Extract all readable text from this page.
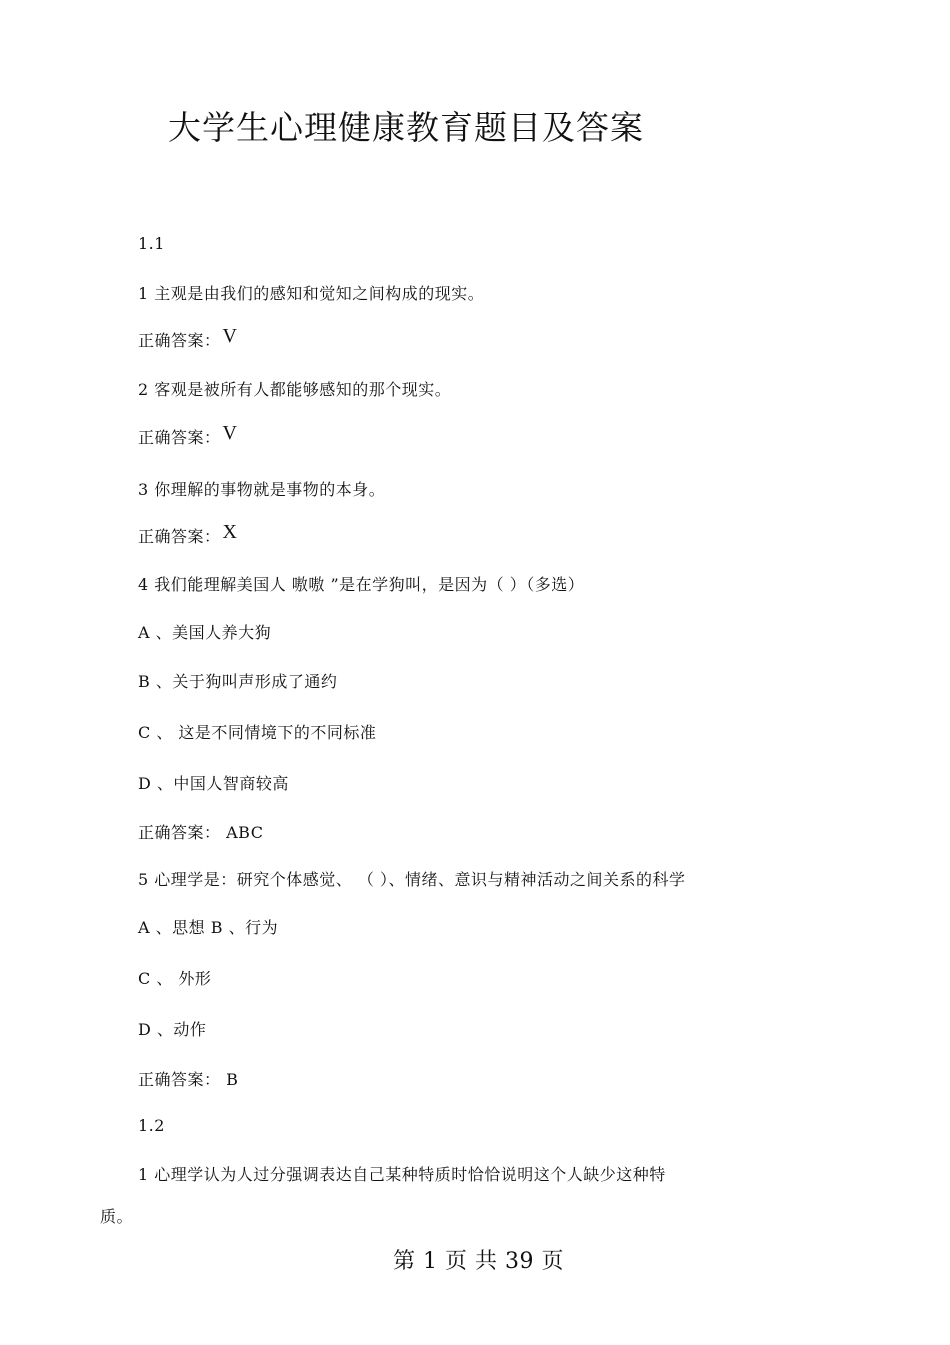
大学生心理健康教育题目及答案
1.1
1 主观是由我们的感知和觉知之间构成的现实。
正确答案： V
2 客观是被所有人都能够感知的那个现实。
正确答案： V
3 你理解的事物就是事物的本身。
正确答案： X
4 我们能理解美国人 嗷嗷 ”是在学狗叫，是因为（ ）（多选）
A 、美国人养大狗
B 、关于狗叫声形成了通约
C 、 这是不同情境下的不同标准
D 、中国人智商较高
正确答案： ABC
5 心理学是：研究个体感觉、 （ ）、情绪、意识与精神活动之间关系的科学
A 、思想 B 、行为
C 、 外形
D 、动作
正确答案： B
1.2
1 心理学认为人过分强调表达自己某种特质时恰恰说明这个人缺少这种特
质。
第 1 页 共 39 页
